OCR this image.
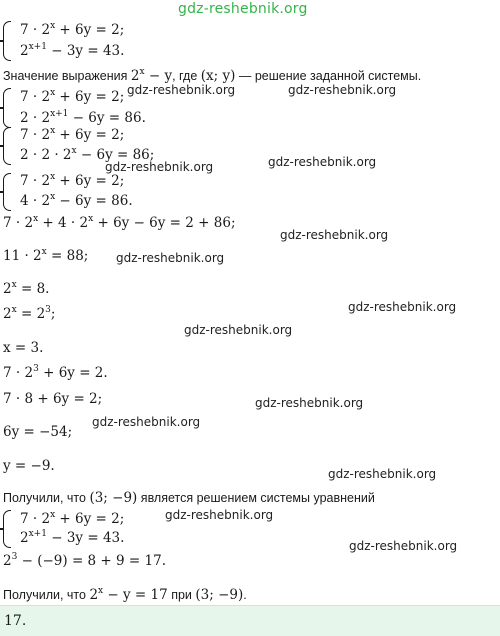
gdz-reshebnik.org
$7 \cdot 2^x + 6y = 2$;
$2^{x+1} - 3y = 43$.
Значение выражения $2^x - y$, где (x; y) — решение заданной системы.
$7 \cdot 2^x + 6y = 2$;
$2 \cdot 2^{x+1} - 6y = 86$.
gdz-reshebnik.org	gdz-reshebnik.org
$7 \cdot 2^x + 6y = 2$;
$2 \cdot 2 \cdot 2^x - 6y = 86$;	gdz-reshebnik.org
gdz-reshebnik.org
$7 \cdot 2^x + 6y = 2$;
$4 \cdot 2^x - 6y = 86$.
$7 \cdot 2^x + 4 \cdot 2^x + 6y - 6y = 2 + 86$;
gdz-reshebnik.org
$11 \cdot 2^x = 88$; gdz-reshebnik.org
$2^x = 8$.
gdz-reshebnik.org
$2^x = 2^3$;
gdz-reshebnik.org
x = 3.
$7 \cdot 2^3 + 6y = 2$.
7 · 8 + 6y = 2;	gdz-reshebnik.org
gdz-reshebnik.org
6y = −54;
y = −9.	gdz-reshebnik.org
Получили, что (3; −9) является решением системы уравнений
$7 \cdot 2^x + 6y = 2$;
$2^{x+1} - 3y = 43$.
gdz-reshebnik.org
$2^3 - (-9) = 8 + 9 = 17$.
gdz-reshebnik.org
Получили, что $2^x - y = 17$ при (3; −9).
17.
